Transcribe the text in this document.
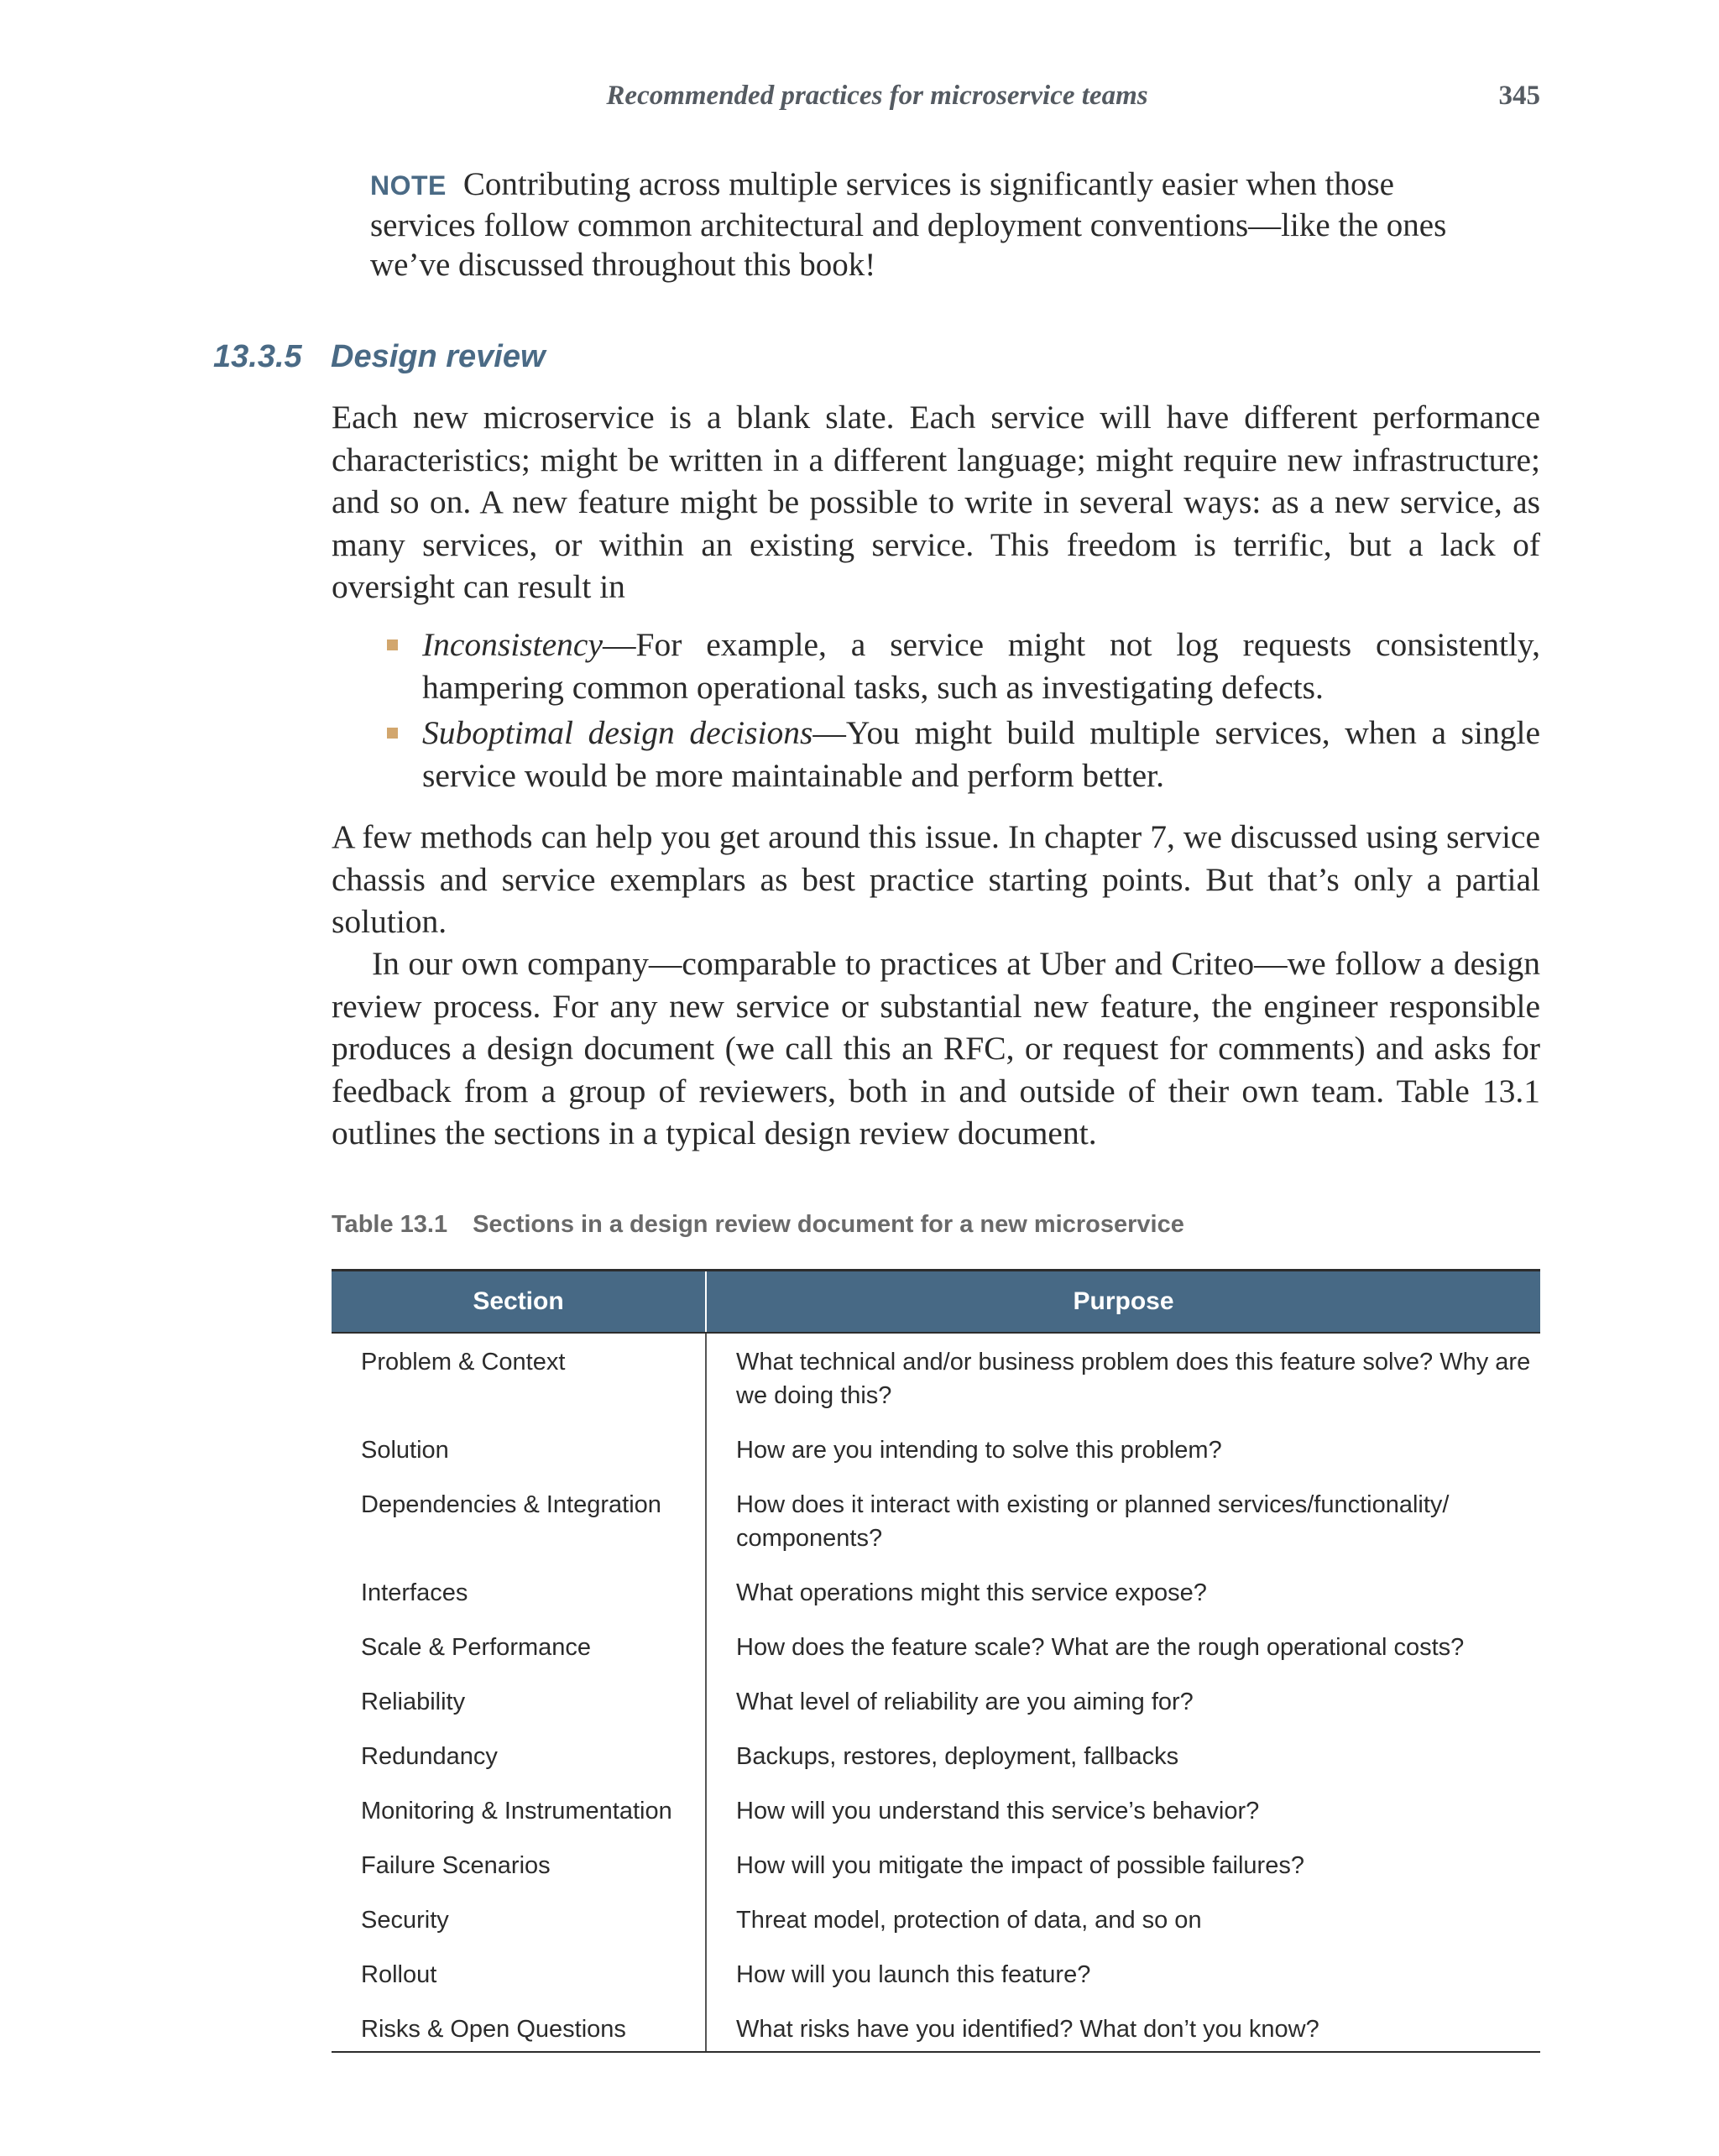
Recommended practices for microservice teams	345
NOTE Contributing across multiple services is significantly easier when those services follow common architectural and deployment conventions—like the ones we’ve discussed throughout this book!
13.3.5 Design review

Each new microservice is a blank slate. Each service will have different performance characteristics; might be written in a different language; might require new infrastructure; and so on. A new feature might be possible to write in several ways: as a new service, as many services, or within an existing service. This freedom is terrific, but a lack of oversight can result in

Inconsistency—For example, a service might not log requests consistently, hampering common operational tasks, such as investigating defects.
Suboptimal design decisions—You might build multiple services, when a single service would be more maintainable and perform better.

A few methods can help you get around this issue. In chapter 7, we discussed using service chassis and service exemplars as best practice starting points. But that’s only a partial solution.

In our own company—comparable to practices at Uber and Criteo—we follow a design review process. For any new service or substantial new feature, the engineer responsible produces a design document (we call this an RFC, or request for comments) and asks for feedback from a group of reviewers, both in and outside of their own team. Table 13.1 outlines the sections in a typical design review document.

Table 13.1 Sections in a design review document for a new microservice
Section	Purpose
Problem & Context	What technical and/or business problem does this feature solve? Why are we doing this?
Solution	How are you intending to solve this problem?
Dependencies & Integration	How does it interact with existing or planned services/functionality/ components?
Interfaces	What operations might this service expose?
Scale & Performance	How does the feature scale? What are the rough operational costs?
Reliability	What level of reliability are you aiming for?
Redundancy	Backups, restores, deployment, fallbacks
Monitoring & Instrumentation	How will you understand this service’s behavior?
Failure Scenarios	How will you mitigate the impact of possible failures?
Security	Threat model, protection of data, and so on
Rollout	How will you launch this feature?
Risks & Open Questions	What risks have you identified? What don’t you know?
